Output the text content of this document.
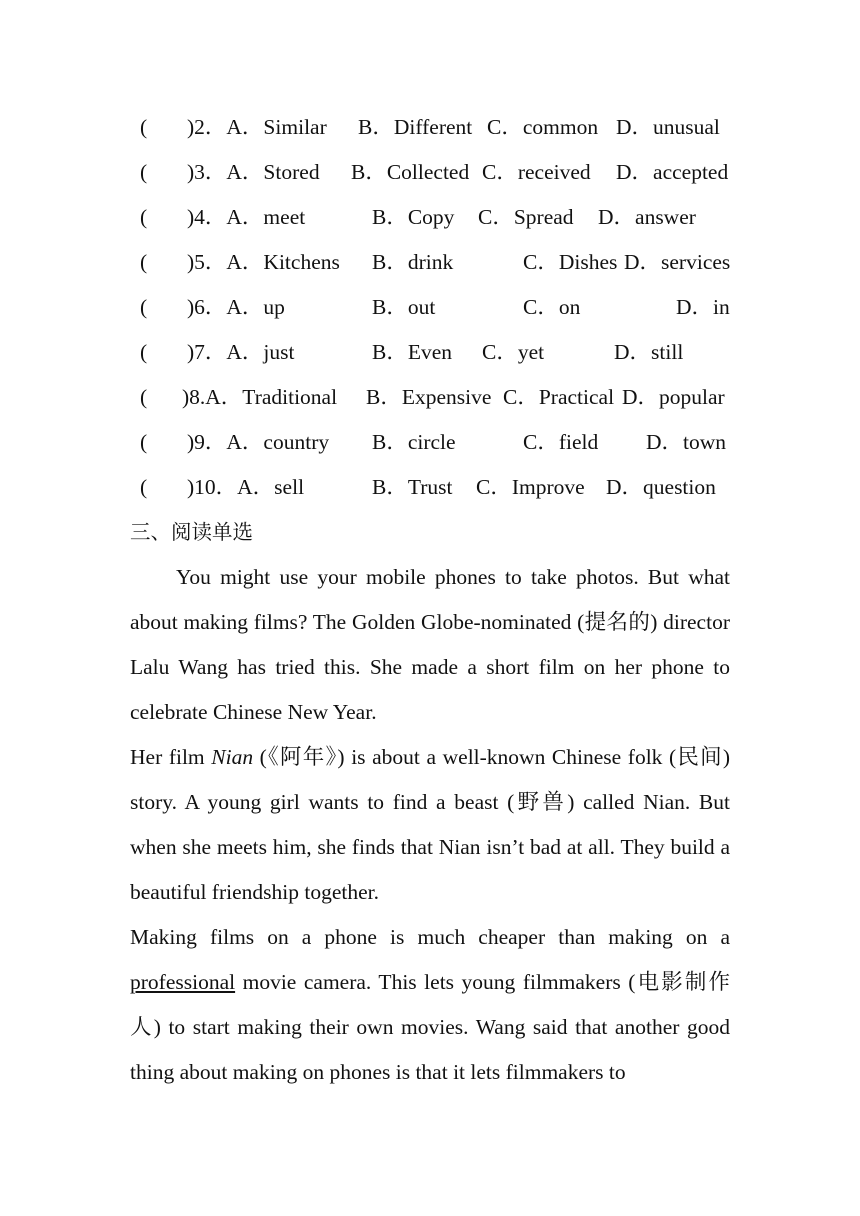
( )2．A．Similar B．Different C．common D．unusual
( )3．A．Stored B．Collected C．received D．accepted
( )4．A．meet	B．Copy C．Spread D．answer
( )5．A．Kitchens B．drink	C．Dishes D．services
( )6．A．up	B．out	C．on	D．in
( )7．A．just	B．Even C．yet	D．still
( )8.A．Traditional B．Expensive C．Practical D．popular
( )9．A．country B．circle	C．field D．town
( )10．A．sell	B．Trust C．Improve D．question
三、阅读单选

You might use your mobile phones to take photos. But what about making films? The Golden Globe-nominated (提名的) director Lalu Wang has tried this. She made a short film on her phone to celebrate Chinese New Year.

Her film Nian (《阿年》) is about a well-known Chinese folk (民间) story. A young girl wants to find a beast (野兽) called Nian. But when she meets him, she finds that Nian isn’t bad at all. They build a beautiful friendship together.

Making films on a phone is much cheaper than making on a professional movie camera. This lets young filmmakers (电影制作人) to start making their own movies. Wang said that another good thing about making on phones is that it lets filmmakers to
